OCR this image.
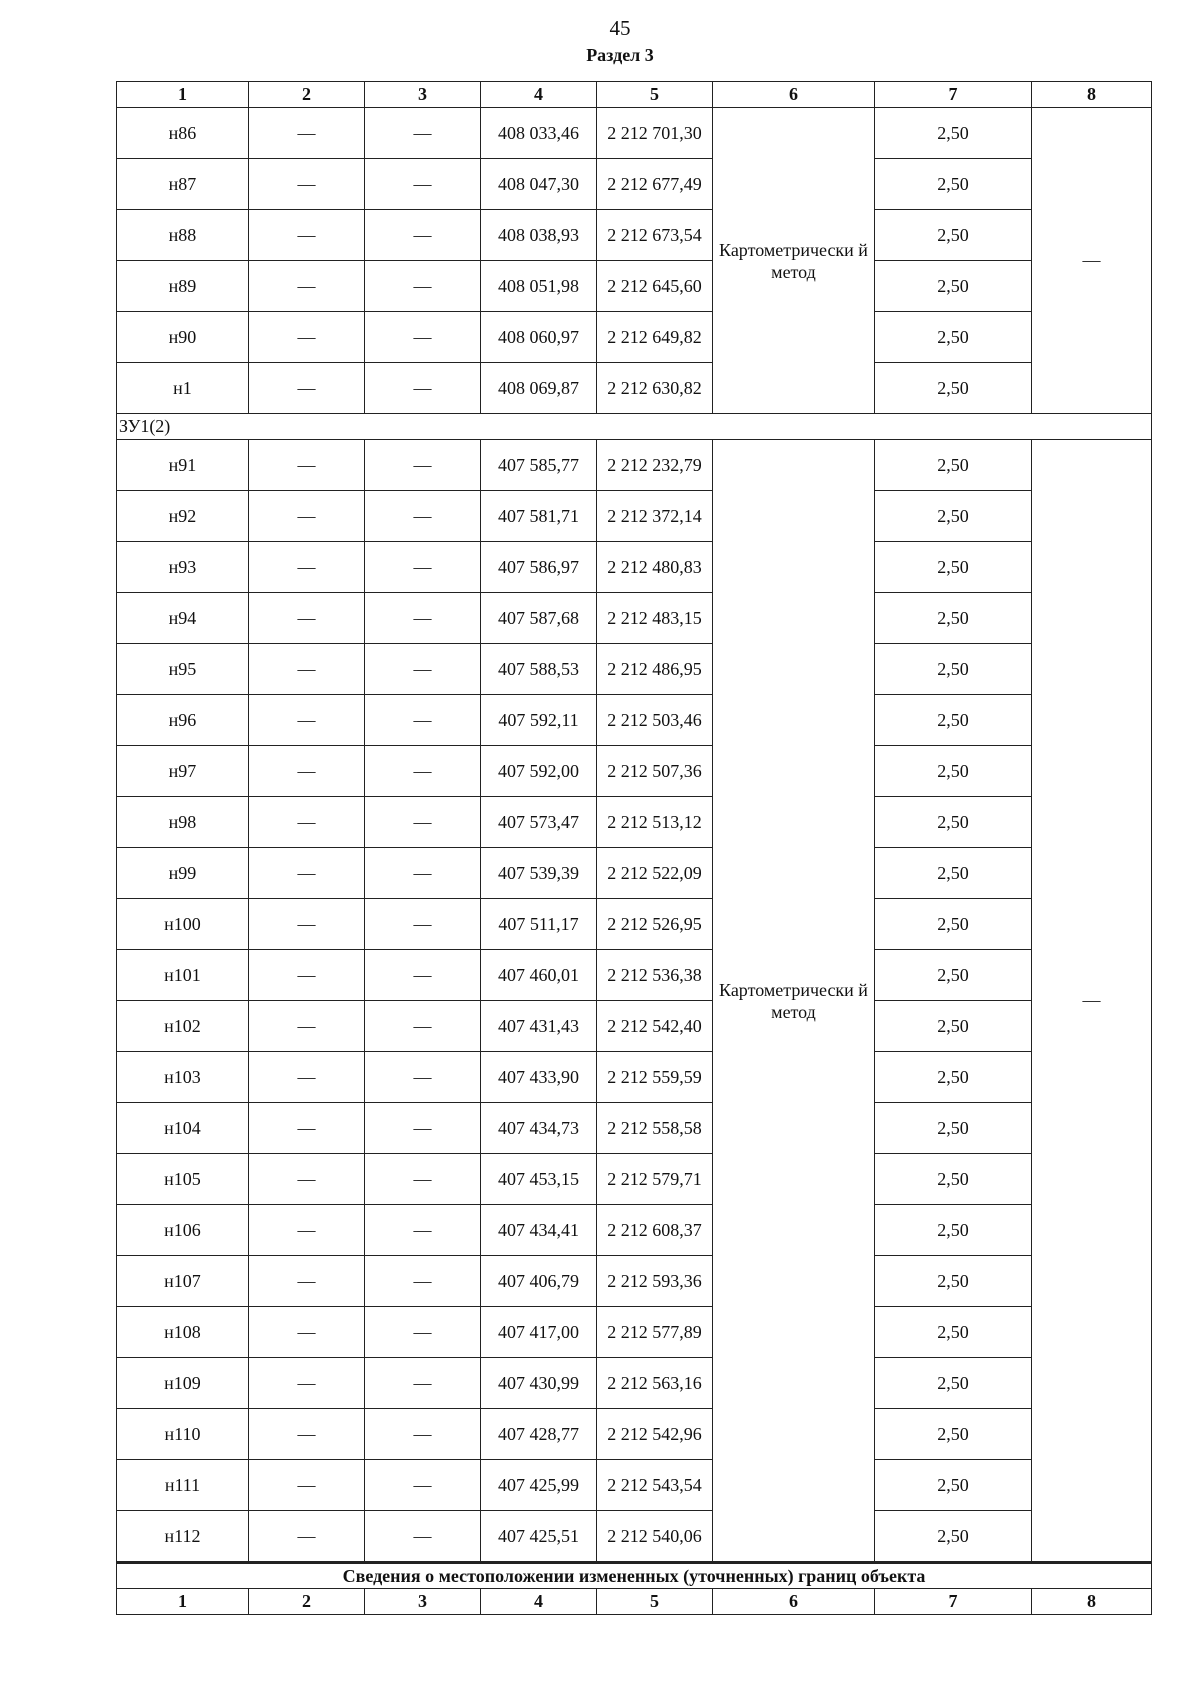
45
Раздел 3
1	2	3	4	5	6	7	8
н86	—	—	408 033,46	2 212 701,30	Картометрически й метод	2,50	—
н87	—	—	408 047,30	2 212 677,49		2,50	
н88	—	—	408 038,93	2 212 673,54		2,50	
н89	—	—	408 051,98	2 212 645,60		2,50	
н90	—	—	408 060,97	2 212 649,82		2,50	
н1	—	—	408 069,87	2 212 630,82		2,50	
ЗУ1(2)							
н91	—	—	407 585,77	2 212 232,79	Картометрически й метод	2,50	—
н92	—	—	407 581,71	2 212 372,14		2,50	
н93	—	—	407 586,97	2 212 480,83		2,50	
н94	—	—	407 587,68	2 212 483,15		2,50	
н95	—	—	407 588,53	2 212 486,95		2,50	
н96	—	—	407 592,11	2 212 503,46		2,50	
н97	—	—	407 592,00	2 212 507,36		2,50	
н98	—	—	407 573,47	2 212 513,12		2,50	
н99	—	—	407 539,39	2 212 522,09		2,50	
н100	—	—	407 511,17	2 212 526,95		2,50	
н101	—	—	407 460,01	2 212 536,38		2,50	
н102	—	—	407 431,43	2 212 542,40		2,50	
н103	—	—	407 433,90	2 212 559,59		2,50	
н104	—	—	407 434,73	2 212 558,58		2,50	
н105	—	—	407 453,15	2 212 579,71		2,50	
н106	—	—	407 434,41	2 212 608,37		2,50	
н107	—	—	407 406,79	2 212 593,36		2,50	
н108	—	—	407 417,00	2 212 577,89		2,50	
н109	—	—	407 430,99	2 212 563,16		2,50	
н110	—	—	407 428,77	2 212 542,96		2,50	
н111	—	—	407 425,99	2 212 543,54		2,50	
н112	—	—	407 425,51	2 212 540,06		2,50	
Сведения о местоположении измененных (уточненных) границ объекта							
1	2	3	4	5	6	7	8
